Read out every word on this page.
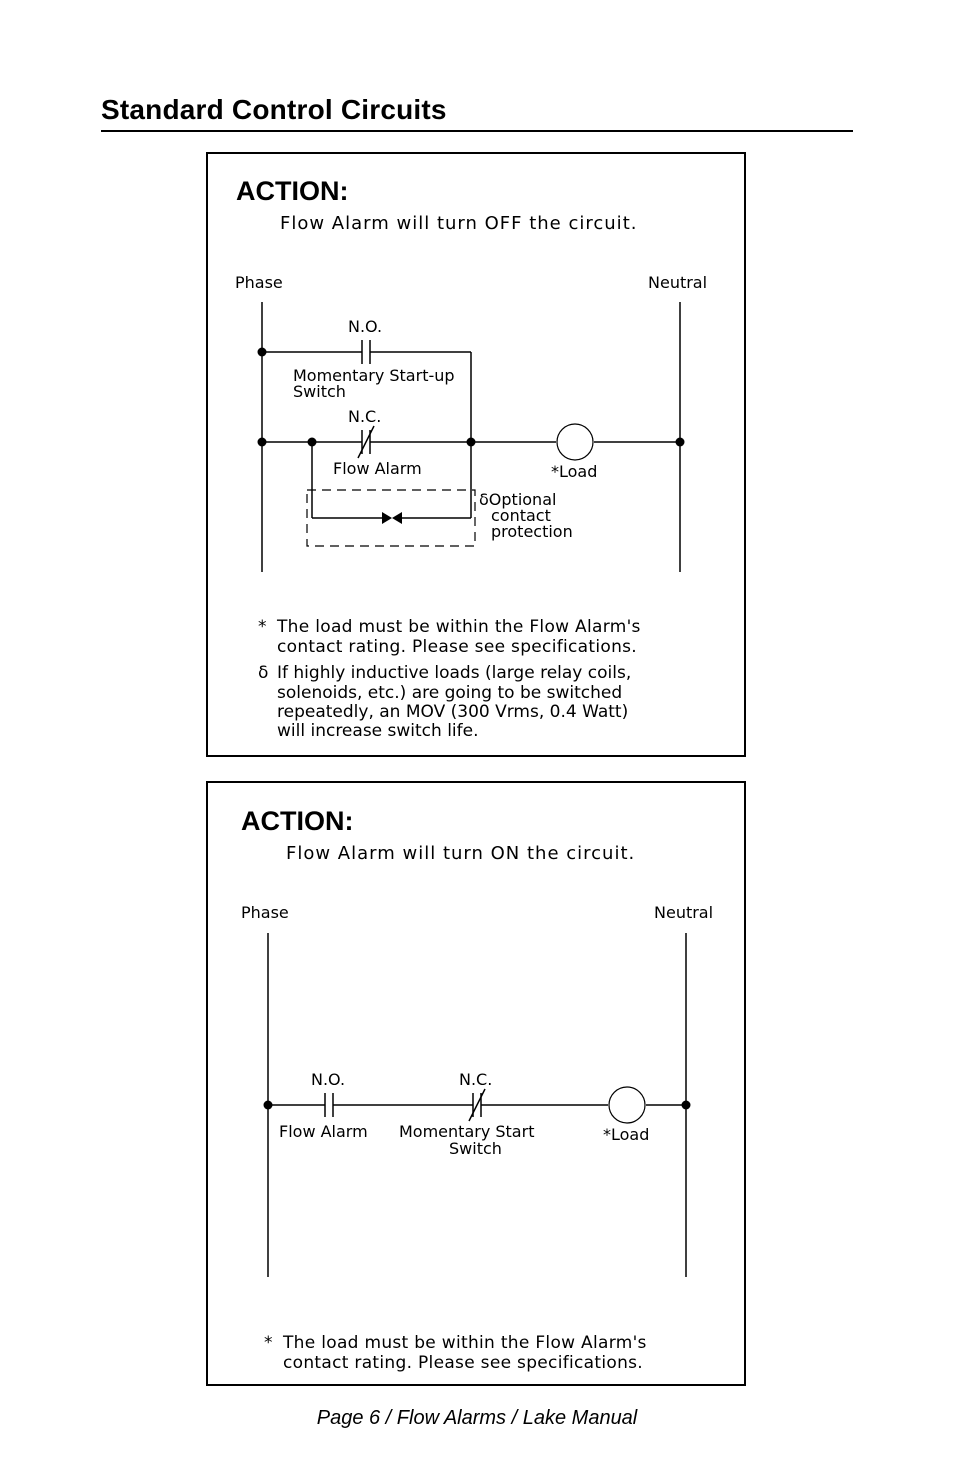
Standard Control Circuits
ACTION:
Flow Alarm will turn OFF the circuit.
Phase	Neutral
N.O.
Momentary Start-up
Switch
N.C.
Flow Alarm	*Load
δOptional
contact
protection
* The load must be within the Flow Alarm's
contact rating. Please see specifications.
δ If highly inductive loads (large relay coils,
solenoids, etc.) are going to be switched
repeatedly, an MOV (300 Vrms, 0.4 Watt)
will increase switch life.
ACTION:
Flow Alarm will turn ON the circuit.
Phase	Neutral
N.O.	N.C.
Flow Alarm Momentary Start
Switch
*Load
* The load must be within the Flow Alarm's
contact rating. Please see specifications.
Page 6 / Flow Alarms / Lake Manual
